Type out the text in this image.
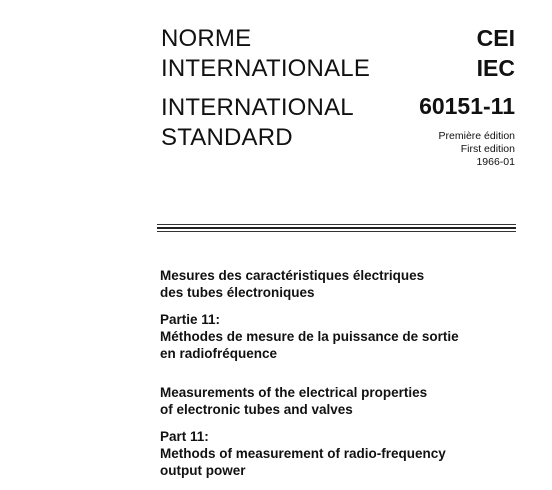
NORME
INTERNATIONALE
INTERNATIONAL
STANDARD
CEI
IEC
60151-11
Première édition
First edition
1966-01
Mesures des caractéristiques électriques
des tubes électroniques
Partie 11:
Méthodes de mesure de la puissance de sortie
en radiofréquence
Measurements of the electrical properties
of electronic tubes and valves
Part 11:
Methods of measurement of radio-frequency
output power
